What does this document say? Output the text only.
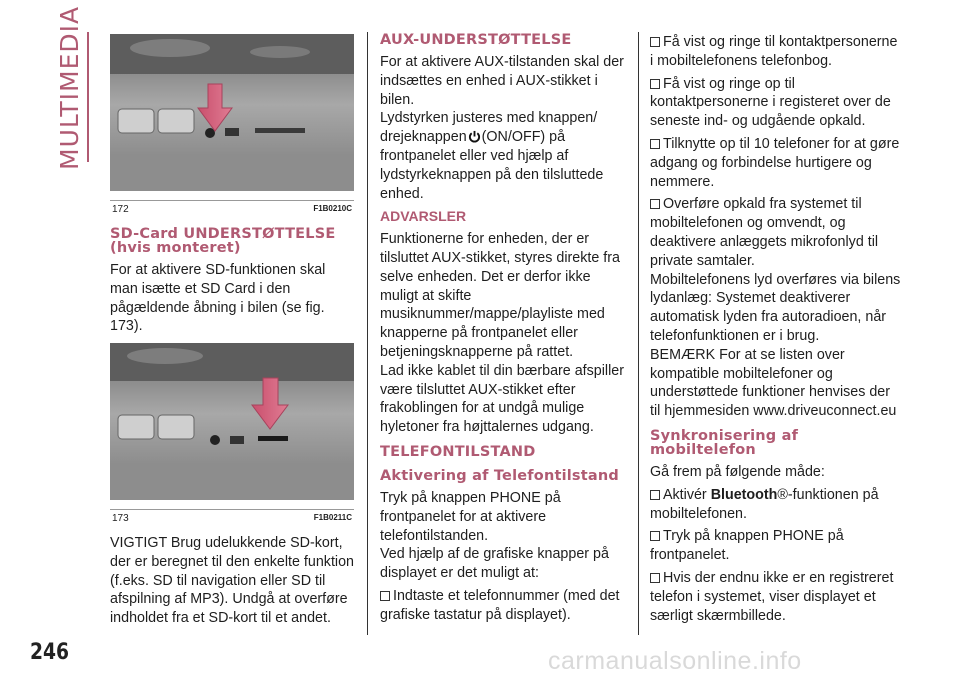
MULTIMEDIA
172	F1B0210C
173	F1B0211C
SD-Card UNDERSTØTTELSE (hvis monteret)

For at aktivere SD-funktionen skal man isætte et SD Card i den pågældende åbning i bilen (se fig. 173).

VIGTIGT Brug udelukkende SD-kort, der er beregnet til den enkelte funktion (f.eks. SD til navigation eller SD til afspilning af MP3). Undgå at overføre indholdet fra et SD-kort til et andet.

AUX-UNDERSTØTTELSE

For at aktivere AUX-tilstanden skal der indsættes en enhed i AUX-stikket i bilen.

Lydstyrken justeres med knappen/ drejeknappen (ON/OFF) på frontpanelet eller ved hjælp af lydstyrkeknappen på den tilsluttede enhed.

ADVARSLER

Funktionerne for enheden, der er tilsluttet AUX-stikket, styres direkte fra selve enheden. Det er derfor ikke muligt at skifte musiknummer/mappe/playliste med knapperne på frontpanelet eller betjeningsknapperne på rattet.

Lad ikke kablet til din bærbare afspiller være tilsluttet AUX-stikket efter frakoblingen for at undgå mulige hyletoner fra højttalernes udgang.

TELEFONTILSTAND
Aktivering af Telefontilstand

Tryk på knappen PHONE på frontpanelet for at aktivere telefontilstanden.

Ved hjælp af de grafiske knapper på displayet er det muligt at:

Indtaste et telefonnummer (med det grafiske tastatur på displayet).

Få vist og ringe til kontaktpersonerne i mobiltelefonens telefonbog.

Få vist og ringe op til kontaktpersonerne i registeret over de seneste ind- og udgående opkald.

Tilknytte op til 10 telefoner for at gøre adgang og forbindelse hurtigere og nemmere.

Overføre opkald fra systemet til mobiltelefonen og omvendt, og deaktivere anlæggets mikrofonlyd til private samtaler.

Mobiltelefonens lyd overføres via bilens lydanlæg: Systemet deaktiverer automatisk lyden fra autoradioen, når telefonfunktionen er i brug.

BEMÆRK For at se listen over kompatible mobiltelefoner og understøttede funktioner henvises der til hjemmesiden www.driveuconnect.eu

Synkronisering af mobiltelefon

Gå frem på følgende måde:

Aktivér Bluetooth®-funktionen på mobiltelefonen.

Tryk på knappen PHONE på frontpanelet.

Hvis der endnu ikke er en registreret telefon i systemet, viser displayet et særligt skærmbillede.

246	carmanualsonline.info
